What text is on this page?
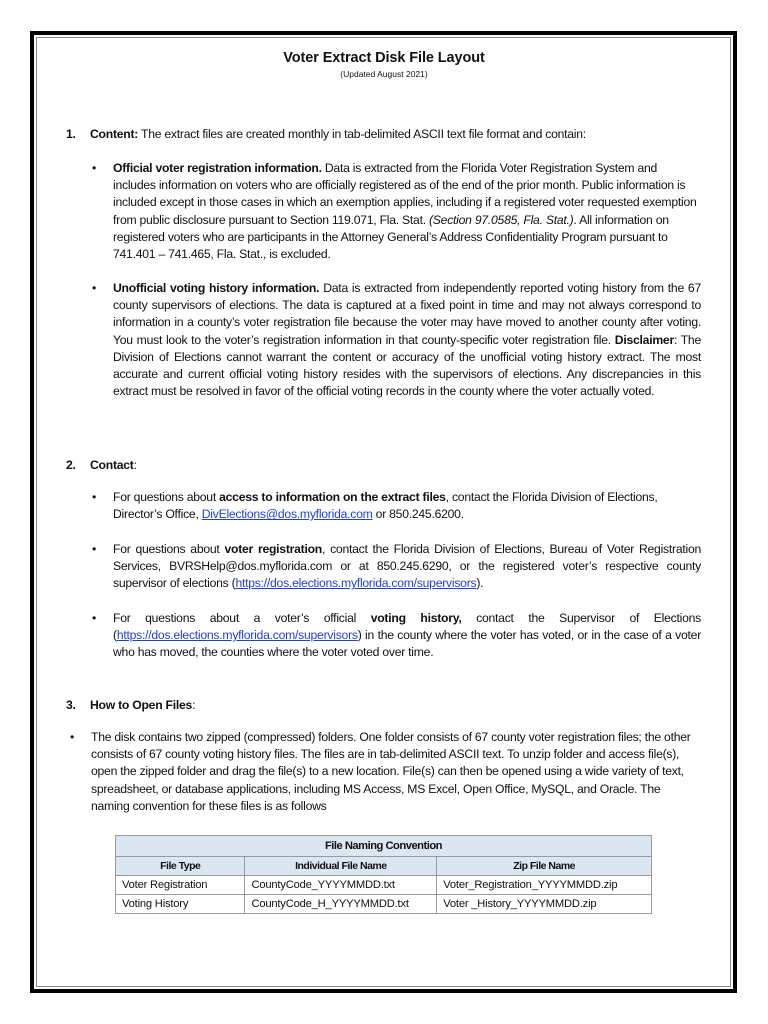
Voter Extract Disk File Layout
(Updated August 2021)
1. Content: The extract files are created monthly in tab-delimited ASCII text file format and contain:
• Official voter registration information. Data is extracted from the Florida Voter Registration System and includes information on voters who are officially registered as of the end of the prior month. Public information is included except in those cases in which an exemption applies, including if a registered voter requested exemption from public disclosure pursuant to Section 119.071, Fla. Stat. (Section 97.0585, Fla. Stat.). All information on registered voters who are participants in the Attorney General’s Address Confidentiality Program pursuant to 741.401 – 741.465, Fla. Stat., is excluded.
• Unofficial voting history information. Data is extracted from independently reported voting history from the 67 county supervisors of elections. The data is captured at a fixed point in time and may not always correspond to information in a county’s voter registration file because the voter may have moved to another county after voting. You must look to the voter’s registration information in that county-specific voter registration file. Disclaimer: The Division of Elections cannot warrant the content or accuracy of the unofficial voting history extract. The most accurate and current official voting history resides with the supervisors of elections. Any discrepancies in this extract must be resolved in favor of the official voting records in the county where the voter actually voted.
2. Contact:
• For questions about access to information on the extract files, contact the Florida Division of Elections, Director’s Office, DivElections@dos.myflorida.com or 850.245.6200.
• For questions about voter registration, contact the Florida Division of Elections, Bureau of Voter Registration Services, BVRSHelp@dos.myflorida.com or at 850.245.6290, or the registered voter’s respective county supervisor of elections (https://dos.elections.myflorida.com/supervisors).
• For questions about a voter’s official voting history, contact the Supervisor of Elections (https://dos.elections.myflorida.com/supervisors) in the county where the voter has voted, or in the case of a voter who has moved, the counties where the voter voted over time.
3. How to Open Files:
• The disk contains two zipped (compressed) folders. One folder consists of 67 county voter registration files; the other consists of 67 county voting history files. The files are in tab-delimited ASCII text. To unzip folder and access file(s), open the zipped folder and drag the file(s) to a new location. File(s) can then be opened using a wide variety of text, spreadsheet, or database applications, including MS Access, MS Excel, Open Office, MySQL, and Oracle. The naming convention for these files is as follows
File Naming Convention		
File Type	Individual File Name	Zip File Name
Voter Registration	CountyCode_YYYYMMDD.txt	Voter_Registration_YYYYMMDD.zip
Voting History	CountyCode_H_YYYYMMDD.txt	Voter _History_YYYYMMDD.zip
